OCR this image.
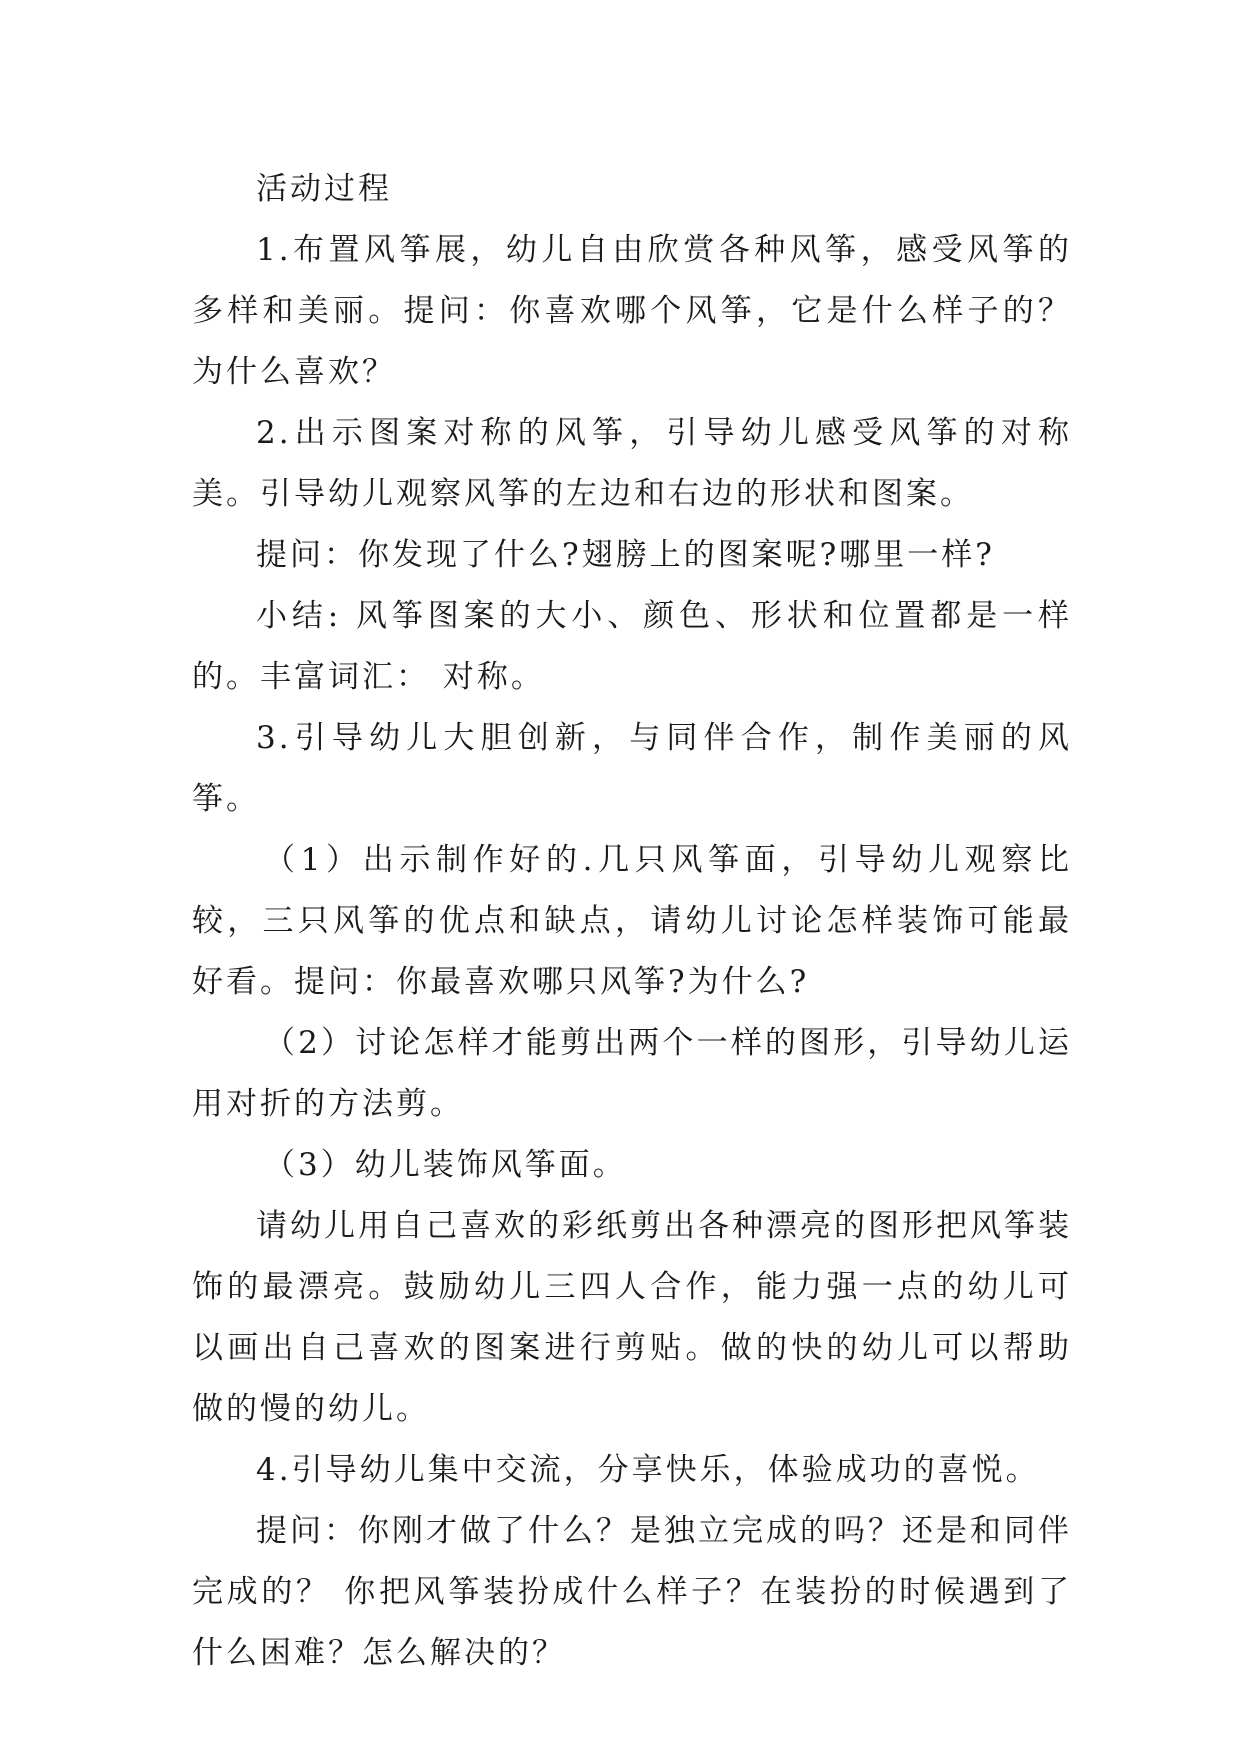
活动过程

1.布置风筝展，幼儿自由欣赏各种风筝，感受风筝的多样和美丽。提问：你喜欢哪个风筝，它是什么样子的？为什么喜欢？

2.出示图案对称的风筝，引导幼儿感受风筝的对称美。引导幼儿观察风筝的左边和右边的形状和图案。

提问：你发现了什么?翅膀上的图案呢?哪里一样?

小结: 风筝图案的大小、颜色、形状和位置都是一样的。丰富词汇： 对称。

3.引导幼儿大胆创新，与同伴合作，制作美丽的风筝。

（1）出示制作好的.几只风筝面，引导幼儿观察比较，三只风筝的优点和缺点，请幼儿讨论怎样装饰可能最好看。提问：你最喜欢哪只风筝?为什么?

（2）讨论怎样才能剪出两个一样的图形，引导幼儿运用对折的方法剪。

（3）幼儿装饰风筝面。

请幼儿用自己喜欢的彩纸剪出各种漂亮的图形把风筝装饰的最漂亮。鼓励幼儿三四人合作，能力强一点的幼儿可以画出自己喜欢的图案进行剪贴。做的快的幼儿可以帮助做的慢的幼儿。

4.引导幼儿集中交流，分享快乐，体验成功的喜悦。

提问：你刚才做了什么？是独立完成的吗？还是和同伴完成的？ 你把风筝装扮成什么样子？在装扮的时候遇到了什么困难？怎么解决的？
